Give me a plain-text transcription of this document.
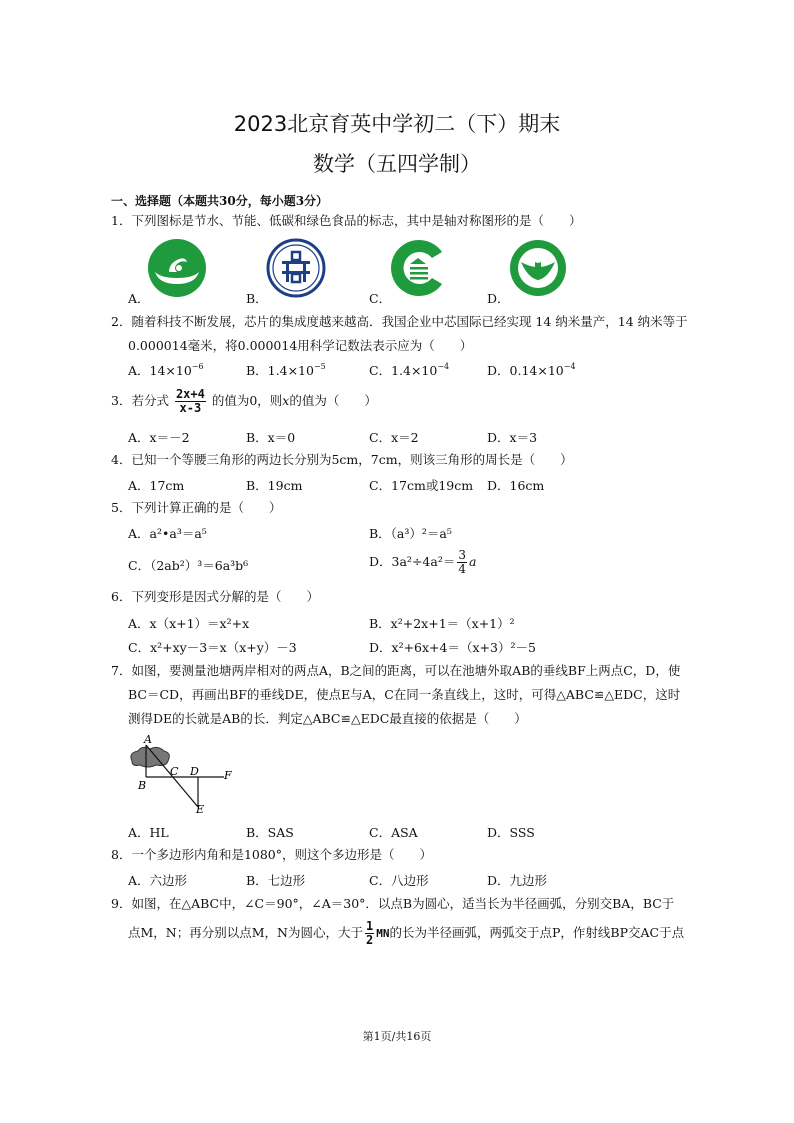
2023北京育英中学初二（下）期末
数学（五四学制）
一、选择题（本题共30分，每小题3分）
1．下列图标是节水、节能、低碳和绿色食品的标志，其中是轴对称图形的是（　　）
A．	B．	C．	D．
2．随着科技不断发展，芯片的集成度越来越高．我国企业中芯国际已经实现 14 纳米量产，14 纳米等于
0.000014毫米，将0.000014用科学记数法表示应为（　　）
A．$14\times 10^{-6}$	B．$1.4\times 10^{-5}$	C．$1.4\times 10^{-4}$	D．$0.14\times 10^{-4}$
3．若分式 $\frac{2x+4}{x-3}$ 的值为0，则x的值为（　　）
A．x＝－2	B．x＝0	C．x＝2	D．x＝3
4．已知一个等腰三角形的两边长分别为5cm，7cm，则该三角形的周长是（　　）
A．17cm	B．19cm	C．17cm或19cm D．16cm
5．下列计算正确的是（　　）
A．a²•a³＝a⁵	B．（a³）²＝a⁵
C．（2ab²）³＝6a³b⁶	D．$3a^2\div 4a^2= \frac{3}{4}$ a
6．下列变形是因式分解的是（　　）
A．x（x+1）＝x²+x	B．x²+2x+1＝（x+1）²
C．x²+xy－3＝x（x+y）－3	D．x²+6x+4＝（x+3）²－5
7．如图，要测量池塘两岸相对的两点A，B之间的距离，可以在池塘外取AB的垂线BF上两点C，D，使
BC＝CD，再画出BF的垂线DE，使点E与A，C在同一条直线上，这时，可得△ABC≌△EDC，这时
测得DE的长就是AB的长．判定△ABC≌△EDC最直接的依据是（　　）
A
B
C D
E
F
A．HL	B．SAS	C．ASA	D．SSS
8．一个多边形内角和是1080°，则这个多边形是（　　）
A．六边形	B．七边形	C．八边形	D．九边形
9．如图，在△ABC中，∠C＝90°，∠A＝30°．以点B为圆心，适当长为半径画弧，分别交BA，BC于
点M，N；再分别以点M，N为圆心，大于 $\frac{1}{2}$ MN的长为半径画弧，两弧交于点P，作射线BP交AC于点
第1页/共16页
